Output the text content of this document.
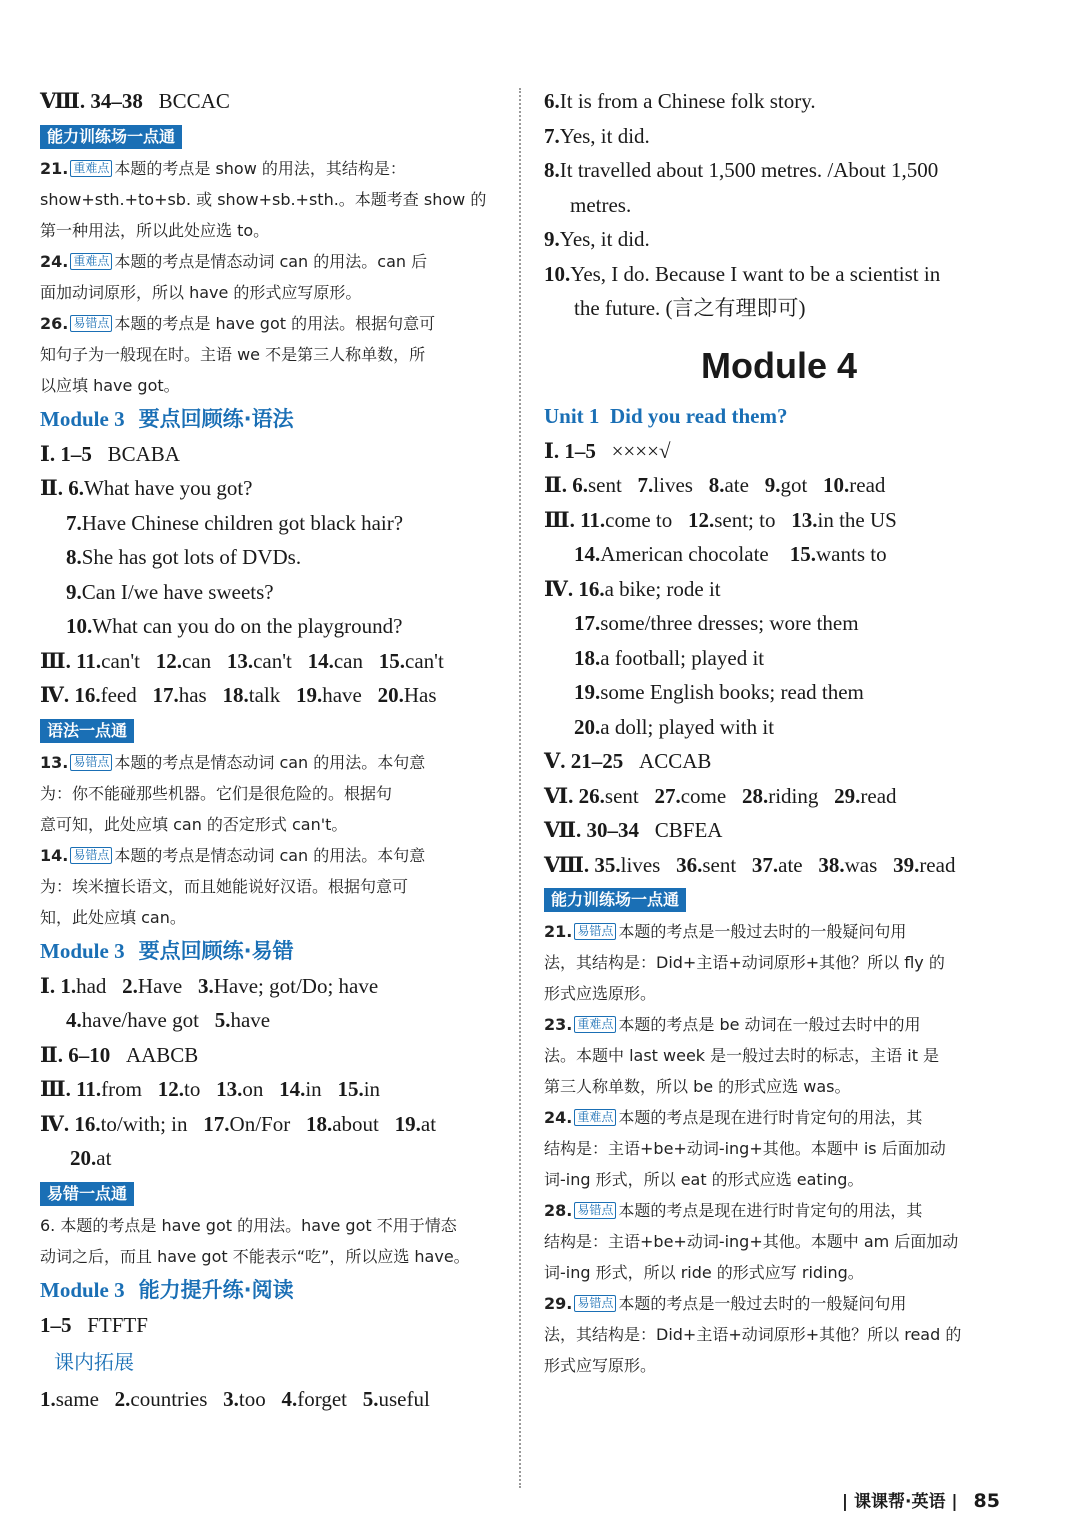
Ⅷ. 34–38 BCCAC
能力训练场一点通
21. 重难点 本题的考点是 show 的用法，其结构是：
show+sth.+to+sb. 或 show+sb.+sth.。本题考查 show 的
第一种用法，所以此处应选 to。
24. 重难点 本题的考点是情态动词 can 的用法。can 后
面加动词原形，所以 have 的形式应写原形。
26. 易错点 本题的考点是 have got 的用法。根据句意可
知句子为一般现在时。主语 we 不是第三人称单数，所
以应填 have got。
Module 3 要点回顾练·语法
Ⅰ. 1–5 BCABA
Ⅱ. 6.What have you got?
7.Have Chinese children got black hair?
8.She has got lots of DVDs.
9.Can I/we have sweets?
10.What can you do on the playground?
Ⅲ. 11.can't 12.can 13.can't 14.can 15.can't
Ⅳ. 16.feed 17.has 18.talk 19.have 20.Has
语法一点通
13. 易错点 本题的考点是情态动词 can 的用法。本句意
为：你不能碰那些机器。它们是很危险的。根据句
意可知，此处应填 can 的否定形式 can't。
14. 易错点 本题的考点是情态动词 can 的用法。本句意
为：埃米擅长语文，而且她能说好汉语。根据句意可
知，此处应填 can。
Module 3 要点回顾练·易错
Ⅰ. 1.had 2.Have 3.Have; got/Do; have
4.have/have got 5.have
Ⅱ. 6–10 AABCB
Ⅲ. 11.from 12.to 13.on 14.in 15.in
Ⅳ. 16.to/with; in 17.On/For 18.about 19.at
20.at
易错一点通
6. 本题的考点是 have got 的用法。have got 不用于情态
动词之后，而且 have got 不能表示“吃”，所以应选 have。
Module 3 能力提升练·阅读
1–5 FTFTF
课内拓展
1.same 2.countries 3.too 4.forget 5.useful
6.It is from a Chinese folk story.
7.Yes, it did.
8.It travelled about 1,500 metres. /About 1,500
metres.
9.Yes, it did.
10.Yes, I do. Because I want to be a scientist in
the future. (言之有理即可)
Module 4
Unit 1 Did you read them?
Ⅰ. 1–5 ××××√
Ⅱ. 6.sent 7.lives 8.ate 9.got 10.read
Ⅲ. 11.come to 12.sent; to 13.in the US
14.American chocolate 15.wants to
Ⅳ. 16.a bike; rode it
17.some/three dresses; wore them
18.a football; played it
19.some English books; read them
20.a doll; played with it
Ⅴ. 21–25 ACCAB
Ⅵ. 26.sent 27.come 28.riding 29.read
Ⅶ. 30–34 CBFEA
Ⅷ. 35.lives 36.sent 37.ate 38.was 39.read
能力训练场一点通
21. 易错点 本题的考点是一般过去时的一般疑问句用
法，其结构是：Did+主语+动词原形+其他？所以 fly 的
形式应选原形。
23. 重难点 本题的考点是 be 动词在一般过去时中的用
法。本题中 last week 是一般过去时的标志，主语 it 是
第三人称单数，所以 be 的形式应选 was。
24. 重难点 本题的考点是现在进行时肯定句的用法，其
结构是：主语+be+动词-ing+其他。本题中 is 后面加动
词-ing 形式，所以 eat 的形式应选 eating。
28. 易错点 本题的考点是现在进行时肯定句的用法，其
结构是：主语+be+动词-ing+其他。本题中 am 后面加动
词-ing 形式，所以 ride 的形式应写 riding。
29. 易错点 本题的考点是一般过去时的一般疑问句用
法，其结构是：Did+主语+动词原形+其他？所以 read 的
形式应写原形。
| 课课帮·英语 | 85
